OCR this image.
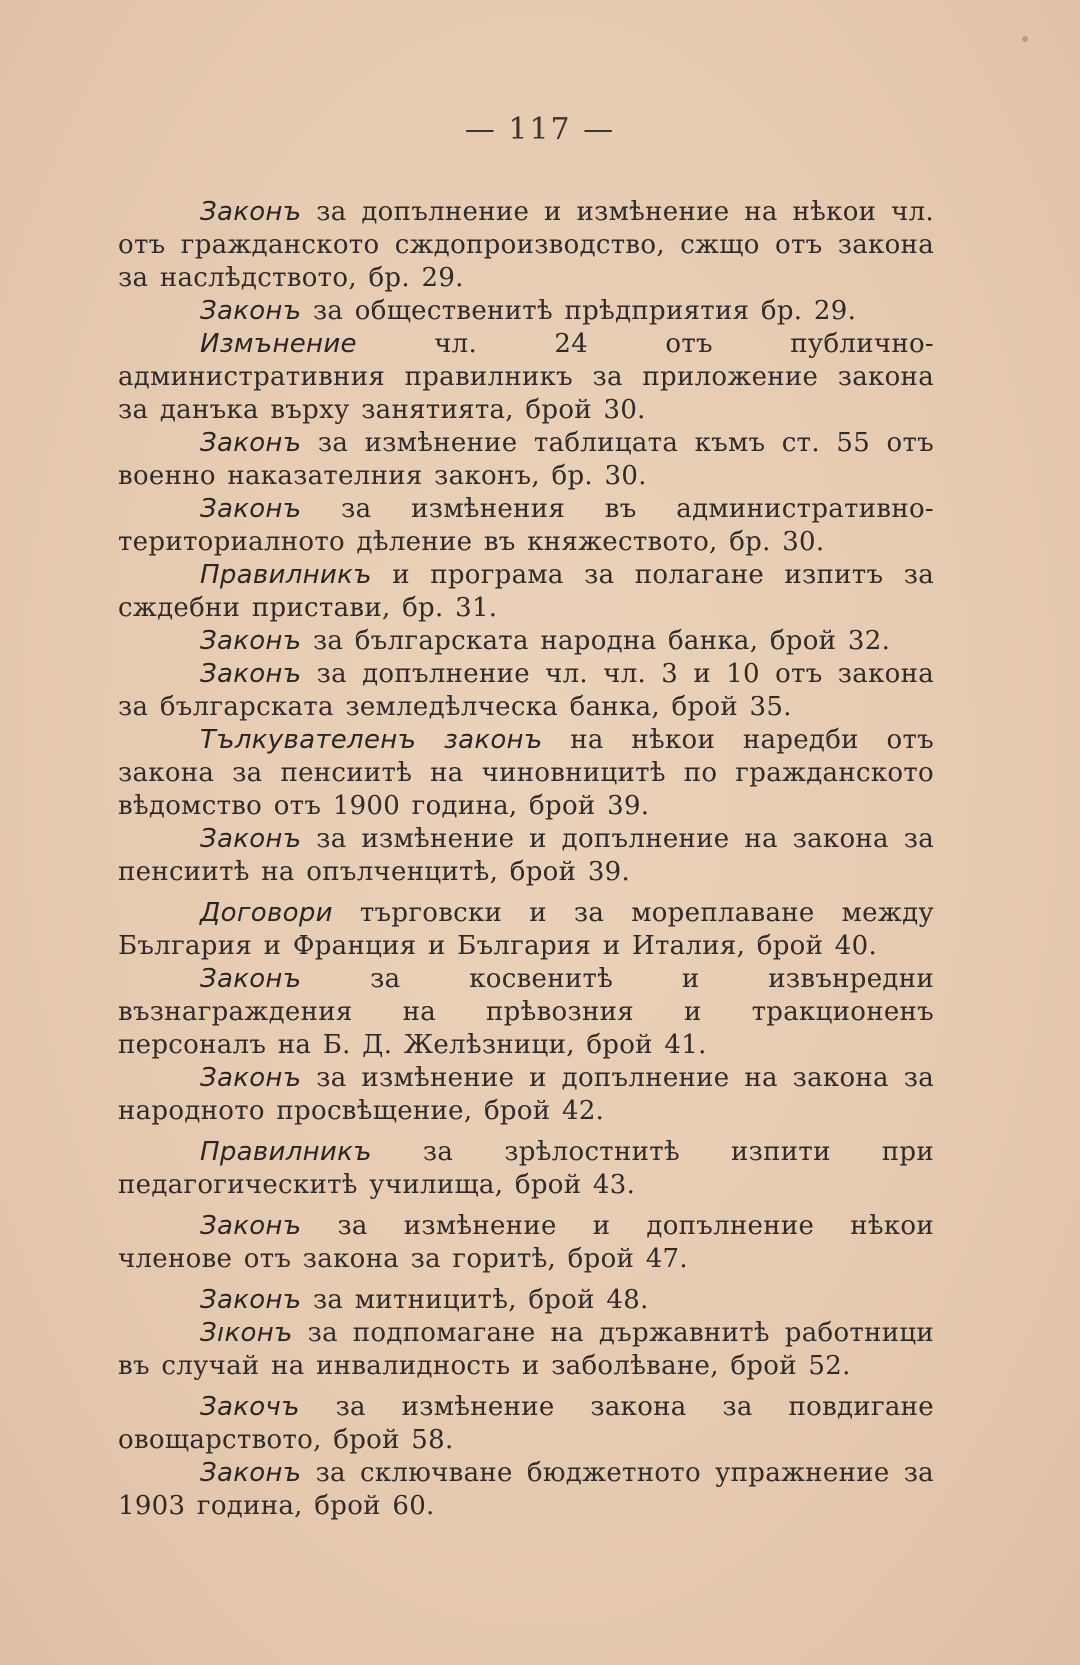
— 117 —

Законъ за допълнение и измѣнение на нѣкои чл. отъ гражданското сждопроизводство, сжщо отъ закона за наслѣдството, бр. 29.

Законъ за общественитѣ прѣдприятия бр. 29.

Измънение чл. 24 отъ публично-административния правилникъ за приложение закона за данъка върху занятията, брой 30.

Законъ за измѣнение таблицата къмъ ст. 55 отъ военно наказателния законъ, бр. 30.

Законъ за измѣнения въ административно-териториалното дѣление въ княжеството, бр. 30.

Правилникъ и програма за полагане изпитъ за сждебни пристави, бр. 31.

Законъ за българската народна банка, брой 32.

Законъ за допълнение чл. чл. 3 и 10 отъ закона за българската земледѣлческа банка, брой 35.

Тълкувателенъ законъ на нѣкои наредби отъ закона за пенсиитѣ на чиновницитѣ по гражданското вѣдомство отъ 1900 година, брой 39.

Законъ за измѣнение и допълнение на закона за пенсиитѣ на опълченцитѣ, брой 39.

Договори търговски и за мореплаване между България и Франция и България и Италия, брой 40.

Законъ за косвенитѣ и извънредни възнаграждения на прѣвозния и тракционенъ персоналъ на Б. Д. Желѣзници, брой 41.

Законъ за измѣнение и допълнение на закона за народното просвѣщение, брой 42.

Правилникъ за зрѣлостнитѣ изпити при педагогическитѣ училища, брой 43.

Законъ за измѣнение и допълнение нѣкои членове отъ закона за горитѣ, брой 47.

Законъ за митницитѣ, брой 48.

Зıконъ за подпомагане на държавнитѣ работници въ случай на инвалидность и заболѣване, брой 52.

Закочъ за измѣнение закона за повдигане овощарството, брой 58.

Законъ за сключване бюджетното упражнение за 1903 година, брой 60.
